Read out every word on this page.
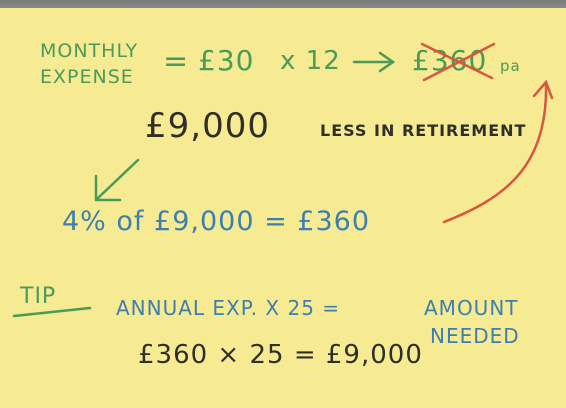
MONTHLY
EXPENSE = £30 x 12	£360 pa
£9,000	LESS IN RETIREMENT
4% of £9,000 = £360
TIP	ANNUAL EXP. X 25 =	AMOUNT
NEEDED
£360 × 25 = £9,000
